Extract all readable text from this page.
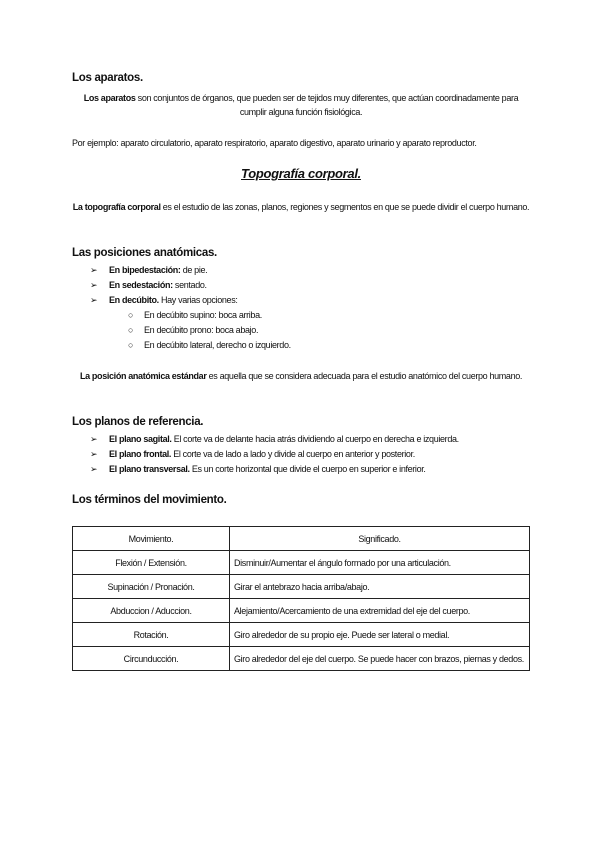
Los aparatos.
Los aparatos son conjuntos de órganos, que pueden ser de tejidos muy diferentes, que actúan coordinadamente para cumplir alguna función fisiológica.
Por ejemplo: aparato circulatorio, aparato respiratorio, aparato digestivo, aparato urinario y aparato reproductor.
Topografía corporal.
La topografía corporal es el estudio de las zonas, planos, regiones y segmentos en que se puede dividir el cuerpo humano.
Las posiciones anatómicas.
➢ En bipedestación: de pie.
➢ En sedestación: sentado.
➢ En decúbito. Hay varias opciones:
○ En decúbito supino: boca arriba.
○ En decúbito prono: boca abajo.
○ En decúbito lateral, derecho o izquierdo.
La posición anatómica estándar es aquella que se considera adecuada para el estudio anatómico del cuerpo humano.
Los planos de referencia.
➢ El plano sagital. El corte va de delante hacia atrás dividiendo al cuerpo en derecha e izquierda.
➢ El plano frontal. El corte va de lado a lado y divide al cuerpo en anterior y posterior.
➢ El plano transversal. Es un corte horizontal que divide el cuerpo en superior e inferior.
Los términos del movimiento.
Movimiento.	Significado.
Flexión / Extensión.	Disminuir/Aumentar el ángulo formado por una articulación.
Supinación / Pronación.	Girar el antebrazo hacia arriba/abajo.
Abduccion / Aduccion.	Alejamiento/Acercamiento de una extremidad del eje del cuerpo.
Rotación.	Giro alrededor de su propio eje. Puede ser lateral o medial.
Circunducción.	Giro alrededor del eje del cuerpo. Se puede hacer con brazos, piernas y dedos.
